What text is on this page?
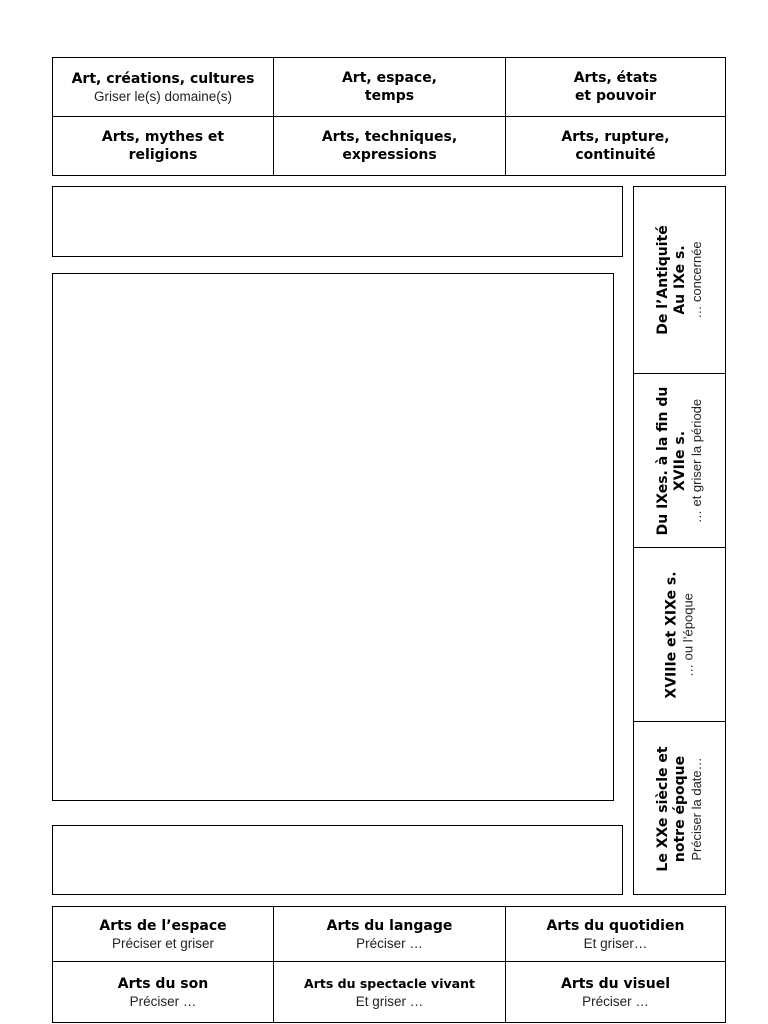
Art, créations, cultures
Griser le(s) domaine(s)
Art, espace,
temps
Arts, états
et pouvoir
Arts, mythes et
religions
Arts, techniques,
expressions
Arts, rupture,
continuité
De l’Antiquité Au IXe s. … concernée
Du IXes. à la fin du XVIIe s. … et griser la période
XVIIIe et XIXe s. … ou l’époque
Le XXe siècle et notre époque Préciser la date…
Arts de l’espace
Préciser et griser
Arts du langage
Préciser …
Arts du quotidien
Et griser…
Arts du son
Préciser …
Arts du spectacle vivant
Et griser …
Arts du visuel
Préciser …
